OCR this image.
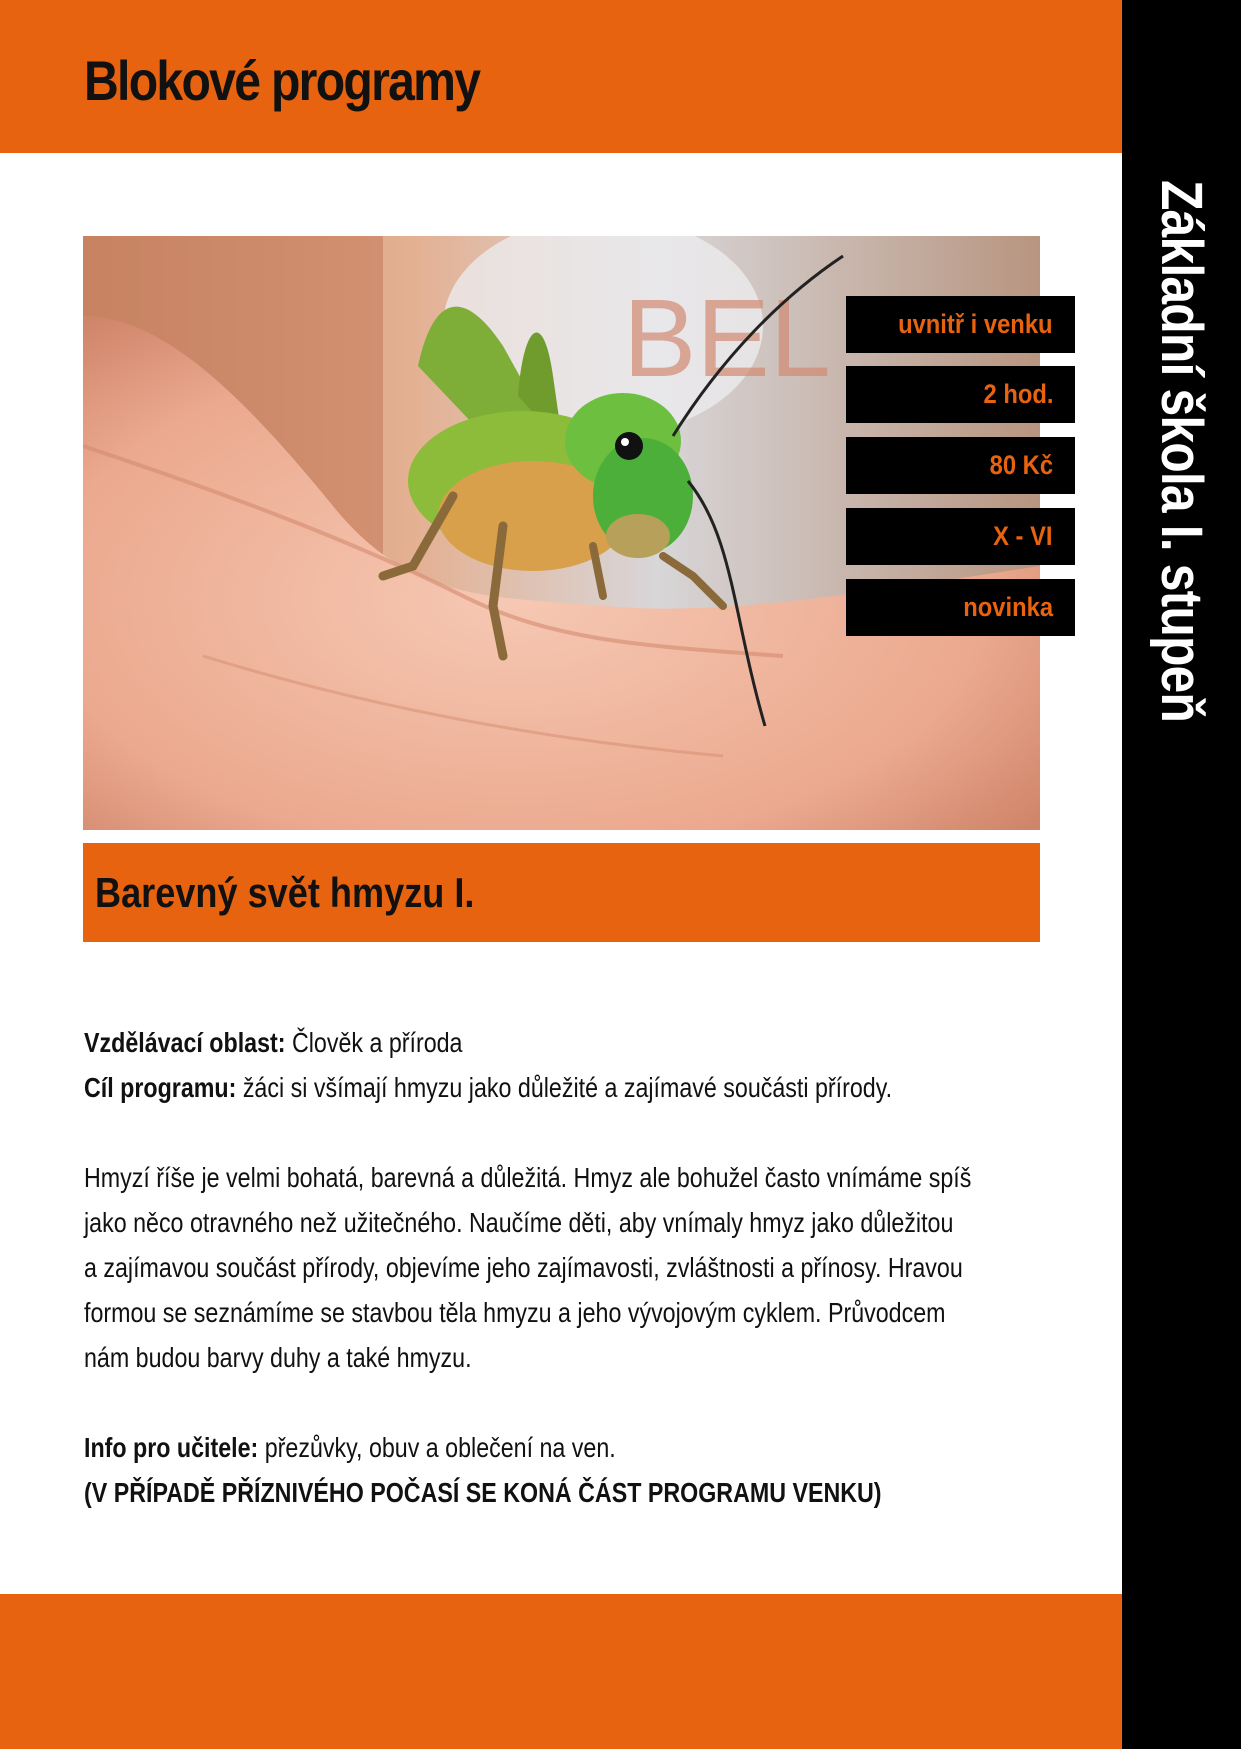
Blokové programy
Základní škola I. stupeň
BEL	uvnitř i venku
2 hod.
80 Kč
X - VI
novinka
Barevný svět hmyzu I.
Vzdělávací oblast: Člověk a příroda
Cíl programu: žáci si všímají hmyzu jako důležité a zajímavé součásti přírody.
Hmyzí říše je velmi bohatá, barevná a důležitá. Hmyz ale bohužel často vnímáme spíš
jako něco otravného než užitečného. Naučíme děti, aby vnímaly hmyz jako důležitou
a zajímavou součást přírody, objevíme jeho zajímavosti, zvláštnosti a přínosy. Hravou
formou se seznámíme se stavbou těla hmyzu a jeho vývojovým cyklem. Průvodcem
nám budou barvy duhy a také hmyzu.
Info pro učitele: přezůvky, obuv a oblečení na ven.
(V PŘÍPADĚ PŘÍZNIVÉHO POČASÍ SE KONÁ ČÁST PROGRAMU VENKU)
